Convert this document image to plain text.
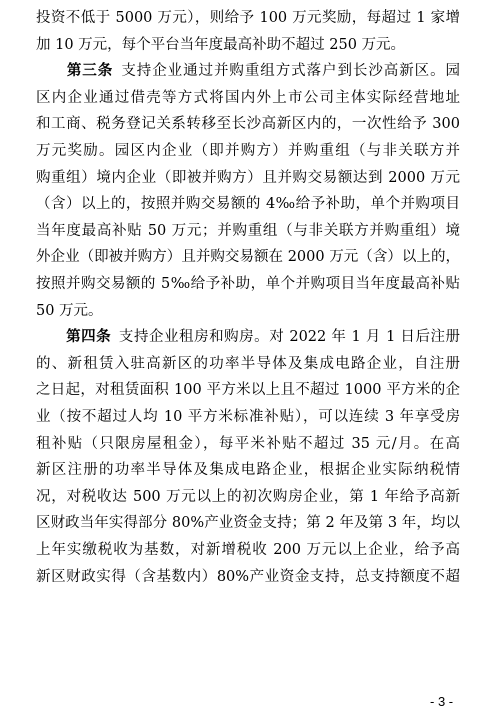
- 3 -
投资不低于 5000 万元），则给予 100 万元奖励，每超过 1 家增
加 10 万元，每个平台当年度最高补助不超过 250 万元。
　　第三条 支持企业通过并购重组方式落户到长沙高新区。园
区内企业通过借壳等方式将国内外上市公司主体实际经营地址
和工商、税务登记关系转移至长沙高新区内的，一次性给予 300
万元奖励。园区内企业（即并购方）并购重组（与非关联方并
购重组）境内企业（即被并购方）且并购交易额达到 2000 万元
（含）以上的，按照并购交易额的 4‰给予补助，单个并购项目
当年度最高补贴 50 万元；并购重组（与非关联方并购重组）境
外企业（即被并购方）且并购交易额在 2000 万元（含）以上的，
按照并购交易额的 5‰给予补助，单个并购项目当年度最高补贴
50 万元。
　　第四条 支持企业租房和购房。对 2022 年 1 月 1 日后注册
的、新租赁入驻高新区的功率半导体及集成电路企业，自注册
之日起，对租赁面积 100 平方米以上且不超过 1000 平方米的企
业（按不超过人均 10 平方米标准补贴），可以连续 3 年享受房
租补贴（只限房屋租金），每平米补贴不超过 35 元/月。在高
新区注册的功率半导体及集成电路企业，根据企业实际纳税情
况，对税收达 500 万元以上的初次购房企业，第 1 年给予高新
区财政当年实得部分 80%产业资金支持；第 2 年及第 3 年，均以
上年实缴税收为基数，对新增税收 200 万元以上企业，给予高
新区财政实得（含基数内）80%产业资金支持，总支持额度不超
